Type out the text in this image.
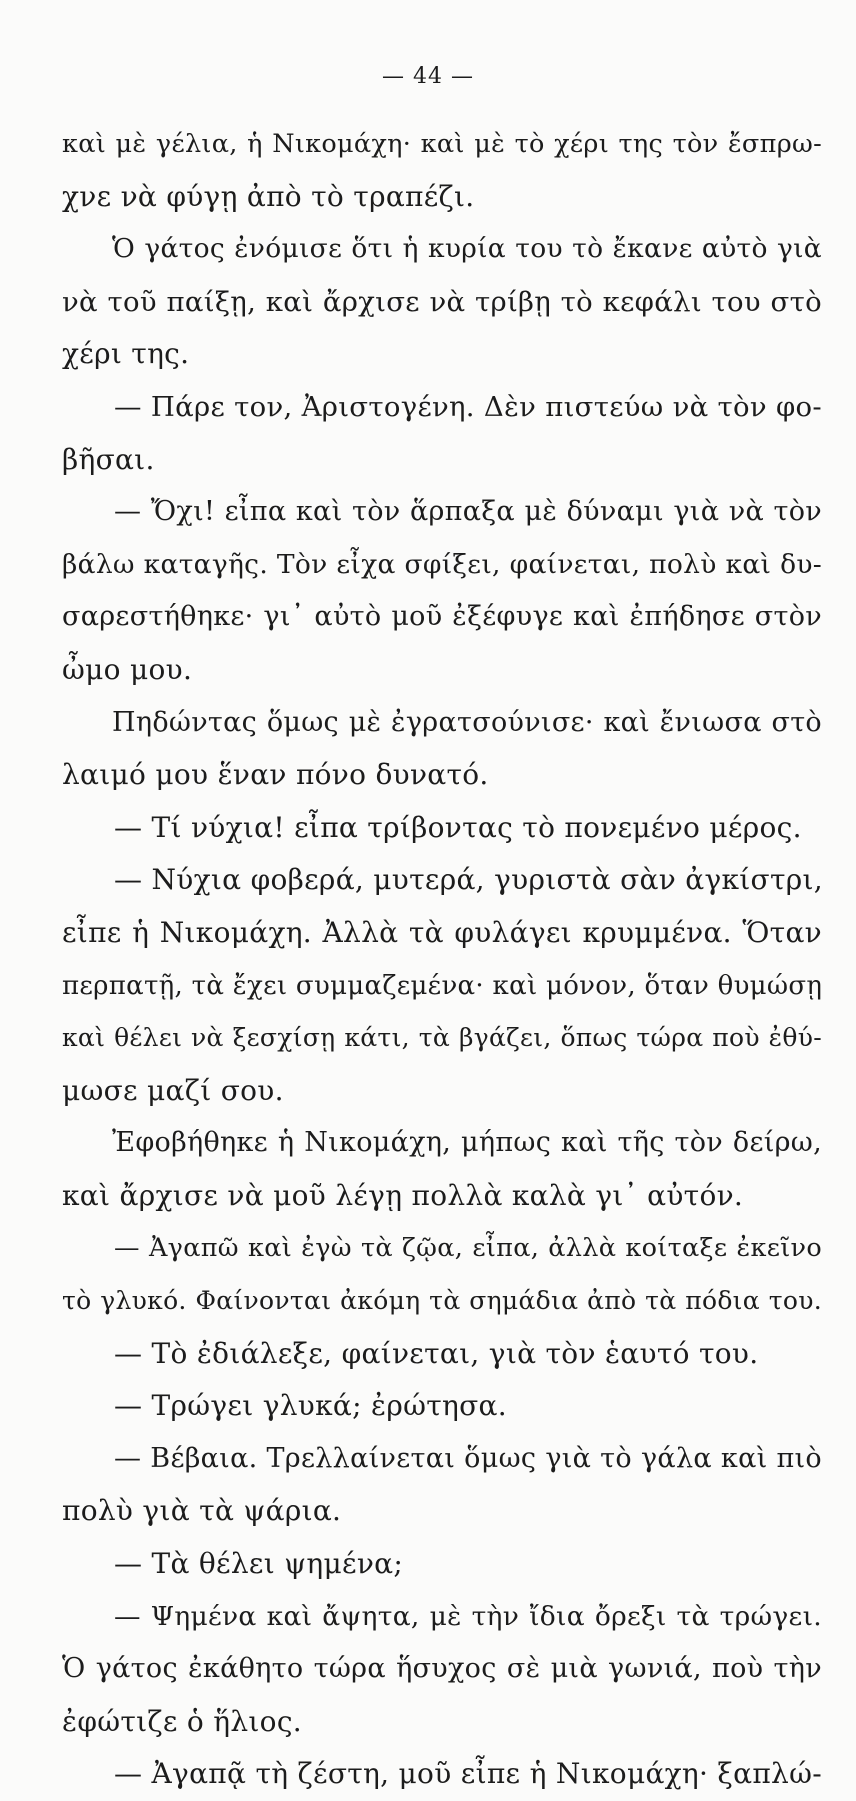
— 44 —
καὶ μὲ γέλια, ἡ Νικομάχη· καὶ μὲ τὸ χέρι της τὸν ἔσπρω-
χνε νὰ φύγῃ ἀπὸ τὸ τραπέζι.
Ὁ γάτος ἐνόμισε ὅτι ἡ κυρία του τὸ ἔκανε αὐτὸ γιὰ
νὰ τοῦ παίξῃ, καὶ ἄρχισε νὰ τρίβῃ τὸ κεφάλι του στὸ
χέρι της.
— Πάρε τον, Ἀριστογένη. Δὲν πιστεύω νὰ τὸν φο-
βῆσαι.
— Ὄχι! εἶπα καὶ τὸν ἅρπαξα μὲ δύναμι γιὰ νὰ τὸν
βάλω καταγῆς. Τὸν εἶχα σφίξει, φαίνεται, πολὺ καὶ δυ-
σαρεστήθηκε· γι᾽ αὐτὸ μοῦ ἐξέφυγε καὶ ἐπήδησε στὸν
ὦμο μου.
Πηδώντας ὅμως μὲ ἐγρατσούνισε· καὶ ἔνιωσα στὸ
λαιμό μου ἕναν πόνο δυνατό.
— Τί νύχια! εἶπα τρίβοντας τὸ πονεμένο μέρος.
— Νύχια φοβερά, μυτερά, γυριστὰ σὰν ἀγκίστρι,
εἶπε ἡ Νικομάχη. Ἀλλὰ τὰ φυλάγει κρυμμένα. Ὅταν
περπατῇ, τὰ ἔχει συμμαζεμένα· καὶ μόνον, ὅταν θυμώσῃ
καὶ θέλει νὰ ξεσχίσῃ κάτι, τὰ βγάζει, ὅπως τώρα ποὺ ἐθύ-
μωσε μαζί σου.
Ἐφοβήθηκε ἡ Νικομάχη, μήπως καὶ τῆς τὸν δείρω,
καὶ ἄρχισε νὰ μοῦ λέγῃ πολλὰ καλὰ γι᾽ αὐτόν.
— Ἀγαπῶ καὶ ἐγὼ τὰ ζῷα, εἶπα, ἀλλὰ κοίταξε ἐκεῖνο
τὸ γλυκό. Φαίνονται ἀκόμη τὰ σημάδια ἀπὸ τὰ πόδια του.
— Τὸ ἐδιάλεξε, φαίνεται, γιὰ τὸν ἑαυτό του.
— Τρώγει γλυκά; ἐρώτησα.
— Βέβαια. Τρελλαίνεται ὅμως γιὰ τὸ γάλα καὶ πιὸ
πολὺ γιὰ τὰ ψάρια.
— Τὰ θέλει ψημένα;
— Ψημένα καὶ ἄψητα, μὲ τὴν ἴδια ὄρεξι τὰ τρώγει.
Ὁ γάτος ἐκάθητο τώρα ἥσυχος σὲ μιὰ γωνιά, ποὺ τὴν
ἐφώτιζε ὁ ἥλιος.
— Ἀγαπᾷ τὴ ζέστη, μοῦ εἶπε ἡ Νικομάχη· ξαπλώ-
